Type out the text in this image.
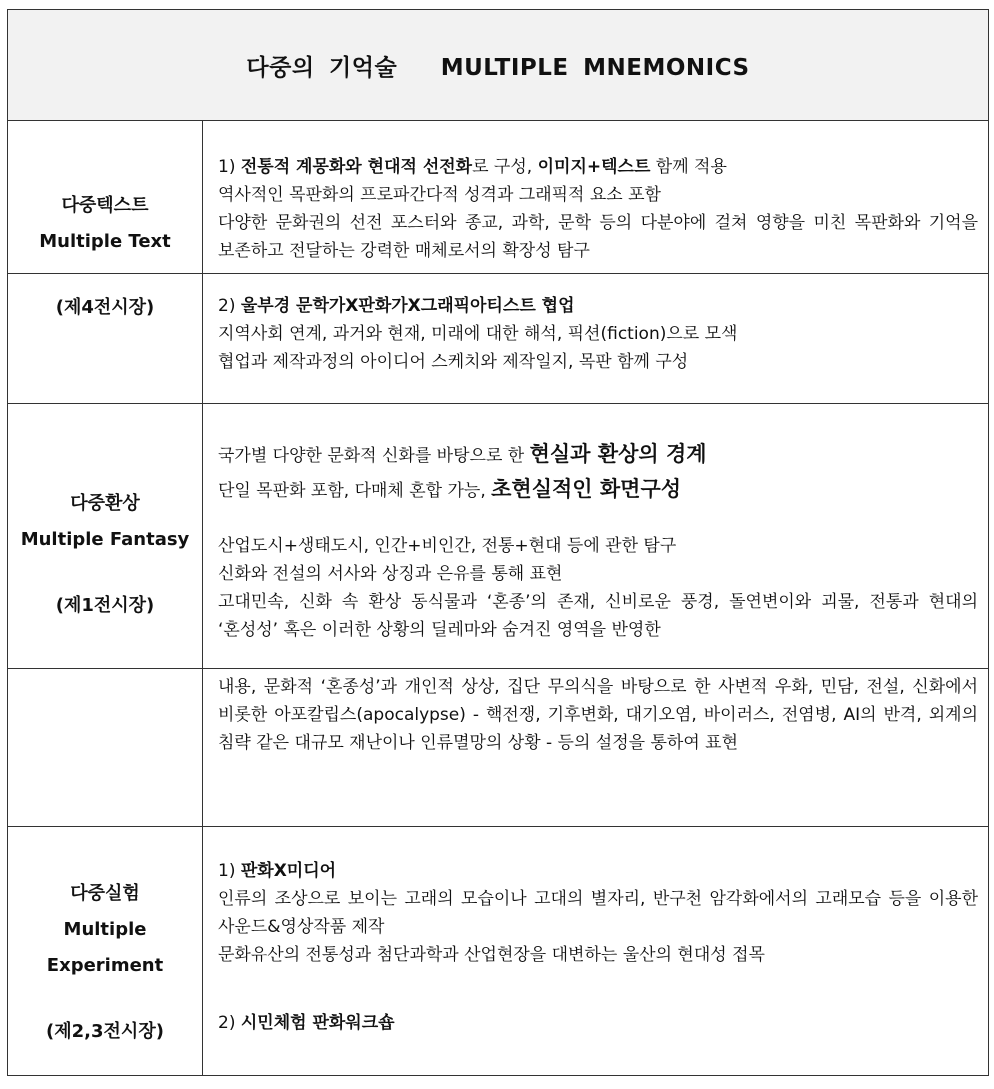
다중의 기억술   MULTIPLE MNEMONICS
다중텍스트
Multiple Text
(제4전시장)

1) 전통적 계몽화와 현대적 선전화로 구성, 이미지+텍스트 함께 적용

역사적인 목판화의 프로파간다적 성격과 그래픽적 요소 포함

다양한 문화권의 선전 포스터와 종교, 과학, 문학 등의 다분야에 걸쳐 영향을 미친 목판화와 기억을 보존하고 전달하는 강력한 매체로서의 확장성 탐구

2) 울부경 문학가X판화가X그래픽아티스트 협업

지역사회 연계, 과거와 현재, 미래에 대한 해석, 픽션(fiction)으로 모색

협업과 제작과정의 아이디어 스케치와 제작일지, 목판 함께 구성

다중환상
Multiple Fantasy
(제1전시장)

국가별 다양한 문화적 신화를 바탕으로 한 현실과 환상의 경계

단일 목판화 포함, 다매체 혼합 가능, 초현실적인 화면구성

산업도시+생태도시, 인간+비인간, 전통+현대 등에 관한 탐구

신화와 전설의 서사와 상징과 은유를 통해 표현

고대민속, 신화 속 환상 동식물과 ‘혼종’의 존재, 신비로운 풍경, 돌연변이와 괴물, 전통과 현대의 ‘혼성성’ 혹은 이러한 상황의 딜레마와 숨겨진 영역을 반영한

내용, 문화적 ‘혼종성’과 개인적 상상, 집단 무의식을 바탕으로 한 사변적 우화, 민담, 전설, 신화에서 비롯한 아포칼립스(apocalypse) - 핵전쟁, 기후변화, 대기오염, 바이러스, 전염병, AI의 반격, 외계의 침략 같은 대규모 재난이나 인류멸망의 상황 - 등의 설정을 통하여 표현

다중실험
Multiple
Experiment
(제2,3전시장)

1) 판화X미디어

인류의 조상으로 보이는 고래의 모습이나 고대의 별자리, 반구천 암각화에서의 고래모습 등을 이용한 사운드&영상작품 제작

문화유산의 전통성과 첨단과학과 산업현장을 대변하는 울산의 현대성 접목

2) 시민체험 판화워크숍
